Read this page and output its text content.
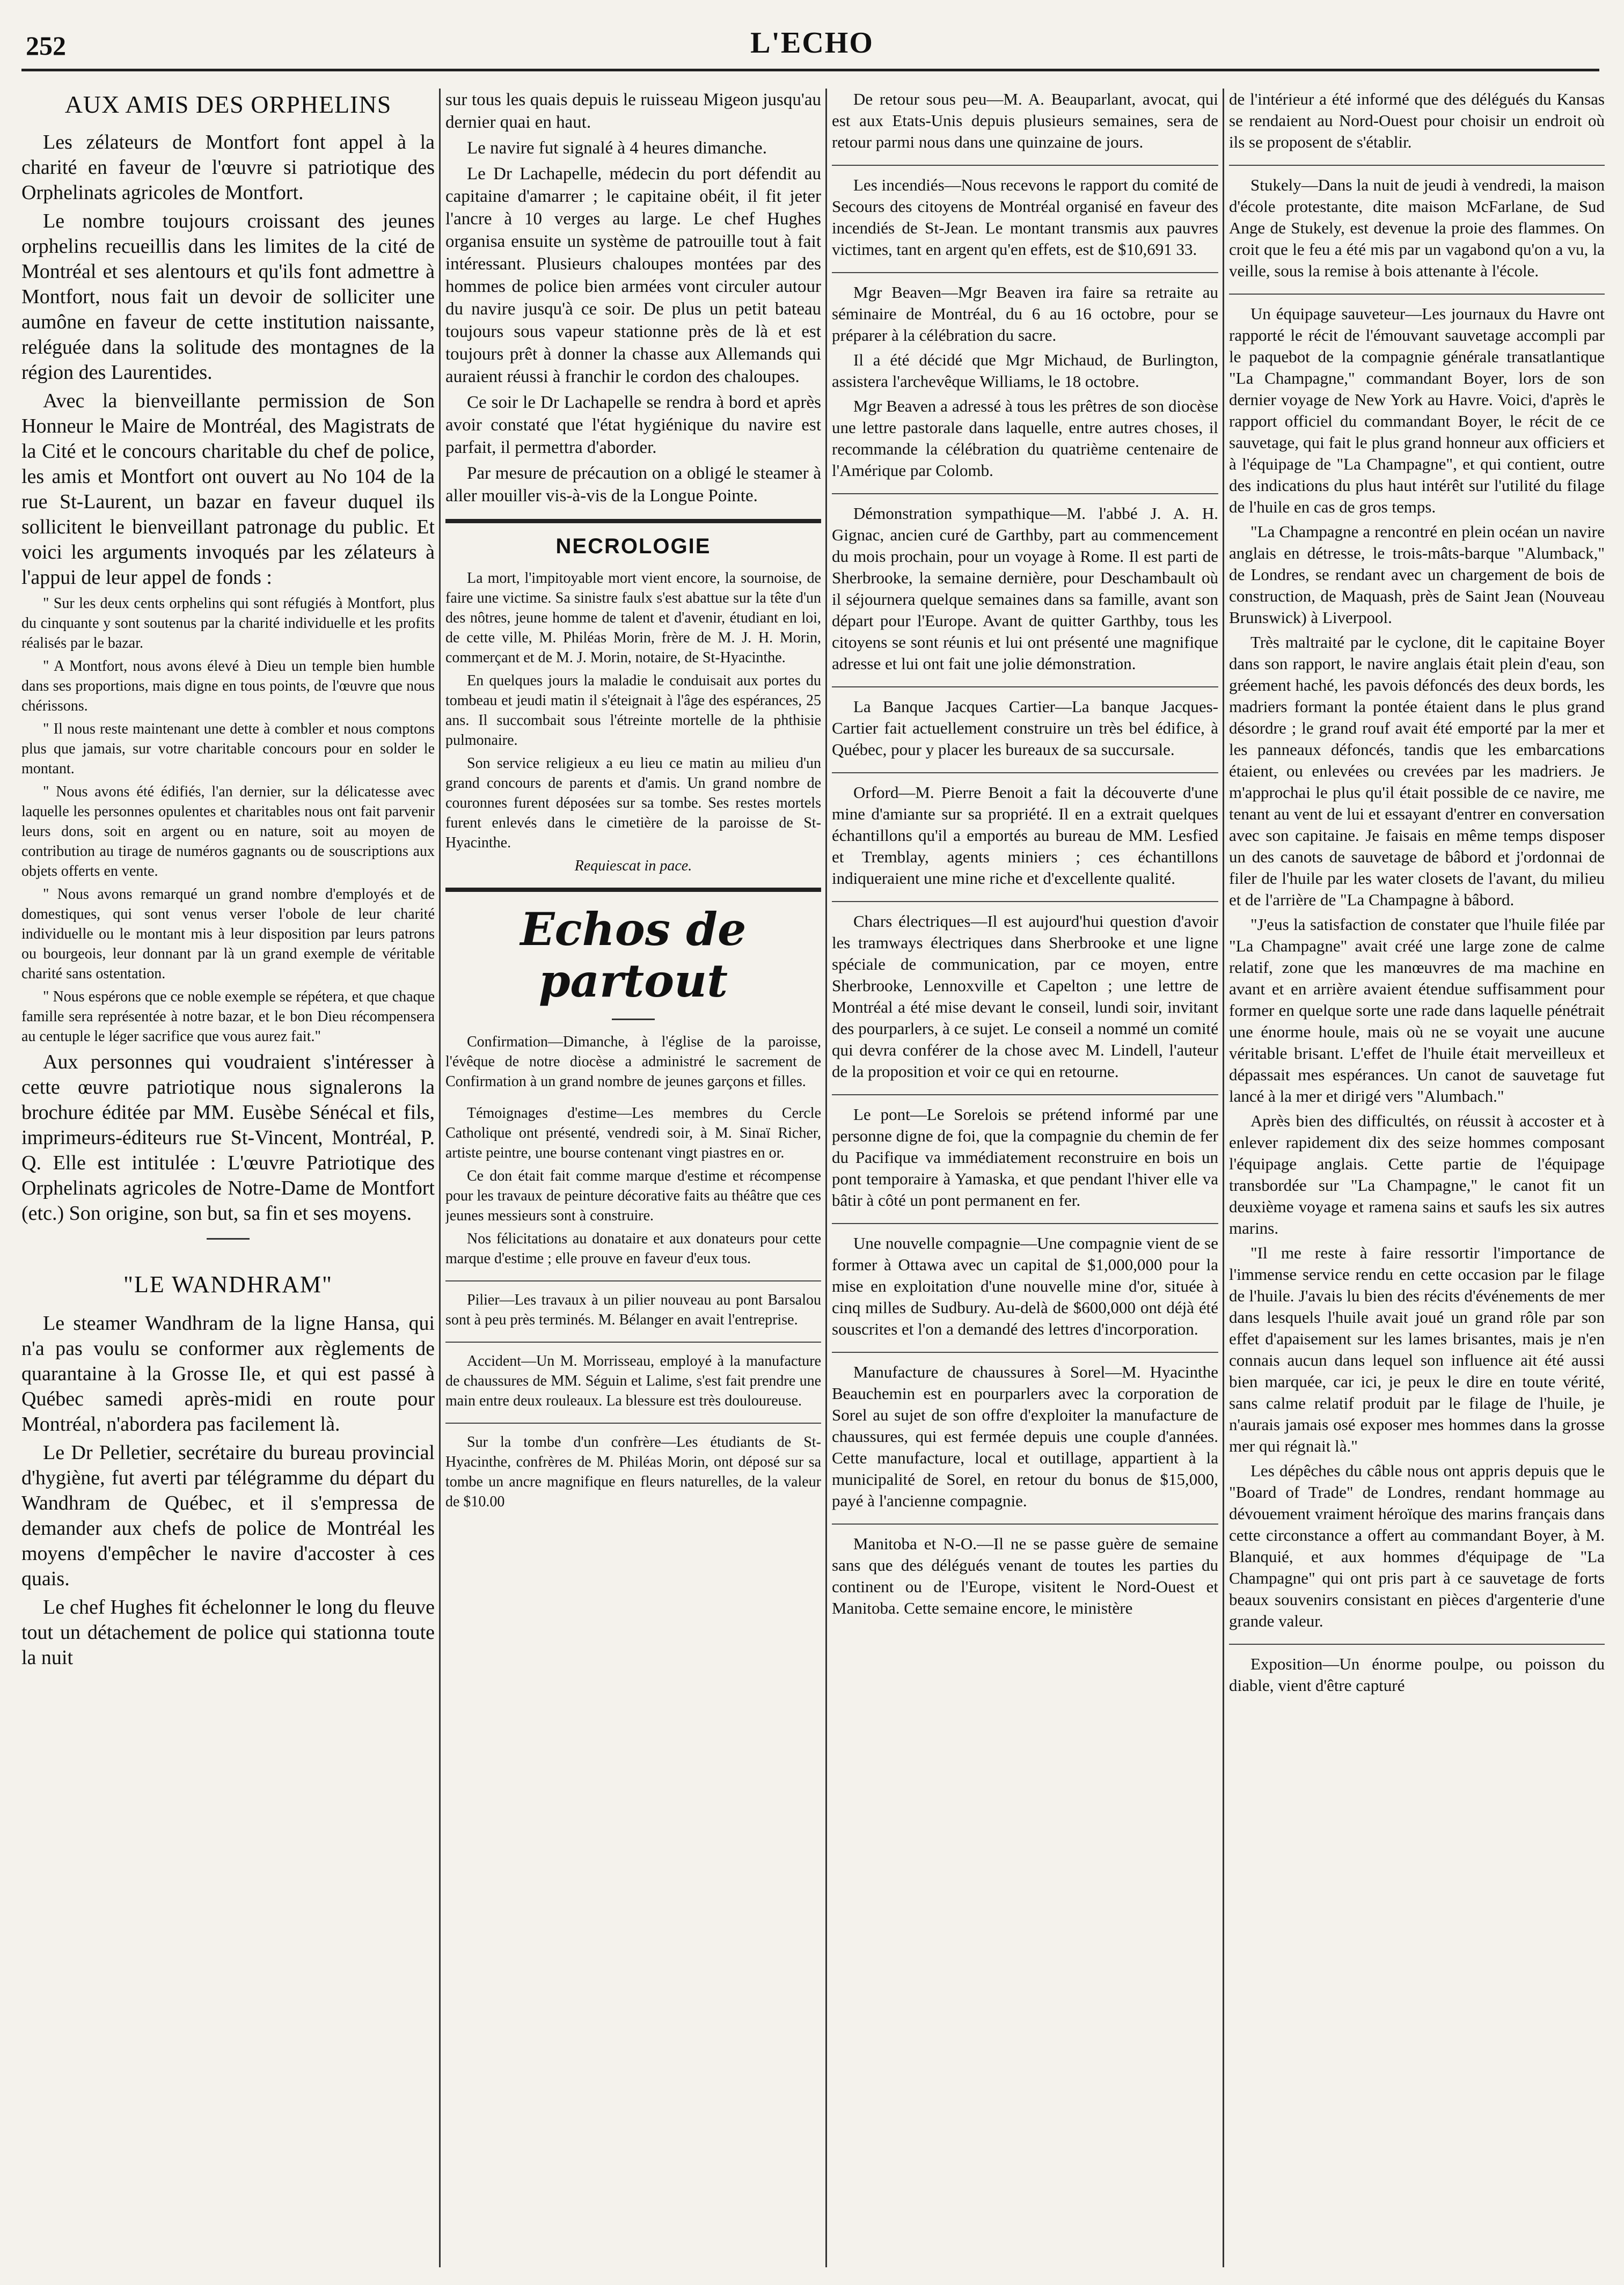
252	L'ECHO
AUX AMIS DES ORPHELINS

Les zélateurs de Montfort font appel à la charité en faveur de l'œuvre si patriotique des Orphelinats agricoles de Montfort.

Le nombre toujours croissant des jeunes orphelins recueillis dans les limites de la cité de Montréal et ses alentours et qu'ils font admettre à Montfort, nous fait un devoir de solliciter une aumône en faveur de cette institution naissante, reléguée dans la solitude des montagnes de la région des Laurentides.

Avec la bienveillante permission de Son Honneur le Maire de Montréal, des Magistrats de la Cité et le concours charitable du chef de police, les amis et Montfort ont ouvert au No 104 de la rue St-Laurent, un bazar en faveur duquel ils sollicitent le bienveillant patronage du public. Et voici les arguments invoqués par les zélateurs à l'appui de leur appel de fonds :

" Sur les deux cents orphelins qui sont réfugiés à Montfort, plus du cinquante y sont soutenus par la charité individuelle et les profits réalisés par le bazar.

" A Montfort, nous avons élevé à Dieu un temple bien humble dans ses proportions, mais digne en tous points, de l'œuvre que nous chérissons.

" Il nous reste maintenant une dette à combler et nous comptons plus que jamais, sur votre charitable concours pour en solder le montant.

" Nous avons été édifiés, l'an dernier, sur la délicatesse avec laquelle les personnes opulentes et charitables nous ont fait parvenir leurs dons, soit en argent ou en nature, soit au moyen de contribution au tirage de numéros gagnants ou de souscriptions aux objets offerts en vente.

" Nous avons remarqué un grand nombre d'employés et de domestiques, qui sont venus verser l'obole de leur charité individuelle ou le montant mis à leur disposition par leurs patrons ou bourgeois, leur donnant par là un grand exemple de véritable charité sans ostentation.

" Nous espérons que ce noble exemple se répétera, et que chaque famille sera représentée à notre bazar, et le bon Dieu récompensera au centuple le léger sacrifice que vous aurez fait."

Aux personnes qui voudraient s'intéresser à cette œuvre patriotique nous signalerons la brochure éditée par MM. Eusèbe Sénécal et fils, imprimeurs-éditeurs rue St-Vincent, Montréal, P. Q. Elle est intitulée : L'œuvre Patriotique des Orphelinats agricoles de Notre-Dame de Montfort (etc.) Son origine, son but, sa fin et ses moyens.

"LE WANDHRAM"

Le steamer Wandhram de la ligne Hansa, qui n'a pas voulu se conformer aux règlements de quarantaine à la Grosse Ile, et qui est passé à Québec samedi après-midi en route pour Montréal, n'abordera pas facilement là.

Le Dr Pelletier, secrétaire du bureau provincial d'hygiène, fut averti par télégramme du départ du Wandhram de Québec, et il s'empressa de demander aux chefs de police de Montréal les moyens d'empêcher le navire d'accoster à ces quais.

Le chef Hughes fit échelonner le long du fleuve tout un détachement de police qui stationna toute la nuit

sur tous les quais depuis le ruisseau Migeon jusqu'au dernier quai en haut.

Le navire fut signalé à 4 heures dimanche.

Le Dr Lachapelle, médecin du port défendit au capitaine d'amarrer ; le capitaine obéit, il fit jeter l'ancre à 10 verges au large. Le chef Hughes organisa ensuite un système de patrouille tout à fait intéressant. Plusieurs chaloupes montées par des hommes de police bien armées vont circuler autour du navire jusqu'à ce soir. De plus un petit bateau toujours sous vapeur stationne près de là et est toujours prêt à donner la chasse aux Allemands qui auraient réussi à franchir le cordon des chaloupes.

Ce soir le Dr Lachapelle se rendra à bord et après avoir constaté que l'état hygiénique du navire est parfait, il permettra d'aborder.

Par mesure de précaution on a obligé le steamer à aller mouiller vis-à-vis de la Longue Pointe.

NECROLOGIE

La mort, l'impitoyable mort vient encore, la sournoise, de faire une victime. Sa sinistre faulx s'est abattue sur la tête d'un des nôtres, jeune homme de talent et d'avenir, étudiant en loi, de cette ville, M. Philéas Morin, frère de M. J. H. Morin, commerçant et de M. J. Morin, notaire, de St-Hyacinthe.

En quelques jours la maladie le conduisait aux portes du tombeau et jeudi matin il s'éteignait à l'âge des espérances, 25 ans. Il succombait sous l'étreinte mortelle de la phthisie pulmonaire.

Son service religieux a eu lieu ce matin au milieu d'un grand concours de parents et d'amis. Un grand nombre de couronnes furent déposées sur sa tombe. Ses restes mortels furent enlevés dans le cimetière de la paroisse de St-Hyacinthe.

Requiescat in pace.

Echos de partout

Confirmation—Dimanche, à l'église de la paroisse, l'évêque de notre diocèse a administré le sacrement de Confirmation à un grand nombre de jeunes garçons et filles.

Témoignages d'estime—Les membres du Cercle Catholique ont présenté, vendredi soir, à M. Sinaï Richer, artiste peintre, une bourse contenant vingt piastres en or.

Ce don était fait comme marque d'estime et récompense pour les travaux de peinture décorative faits au théâtre que ces jeunes messieurs sont à construire.

Nos félicitations au donataire et aux donateurs pour cette marque d'estime ; elle prouve en faveur d'eux tous.

Pilier—Les travaux à un pilier nouveau au pont Barsalou sont à peu près terminés. M. Bélanger en avait l'entreprise.

Accident—Un M. Morrisseau, employé à la manufacture de chaussures de MM. Séguin et Lalime, s'est fait prendre une main entre deux rouleaux. La blessure est très douloureuse.

Sur la tombe d'un confrère—Les étudiants de St-Hyacinthe, confrères de M. Philéas Morin, ont déposé sur sa tombe un ancre magnifique en fleurs naturelles, de la valeur de $10.00

De retour sous peu—M. A. Beauparlant, avocat, qui est aux Etats-Unis depuis plusieurs semaines, sera de retour parmi nous dans une quinzaine de jours.

Les incendiés—Nous recevons le rapport du comité de Secours des citoyens de Montréal organisé en faveur des incendiés de St-Jean. Le montant transmis aux pauvres victimes, tant en argent qu'en effets, est de $10,691 33.

Mgr Beaven—Mgr Beaven ira faire sa retraite au séminaire de Montréal, du 6 au 16 octobre, pour se préparer à la célébration du sacre.

Il a été décidé que Mgr Michaud, de Burlington, assistera l'archevêque Williams, le 18 octobre.

Mgr Beaven a adressé à tous les prêtres de son diocèse une lettre pastorale dans laquelle, entre autres choses, il recommande la célébration du quatrième centenaire de l'Amérique par Colomb.

Démonstration sympathique—M. l'abbé J. A. H. Gignac, ancien curé de Garthby, part au commencement du mois prochain, pour un voyage à Rome. Il est parti de Sherbrooke, la semaine dernière, pour Deschambault où il séjournera quelque semaines dans sa famille, avant son départ pour l'Europe. Avant de quitter Garthby, tous les citoyens se sont réunis et lui ont présenté une magnifique adresse et lui ont fait une jolie démonstration.

La Banque Jacques Cartier—La banque Jacques-Cartier fait actuellement construire un très bel édifice, à Québec, pour y placer les bureaux de sa succursale.

Orford—M. Pierre Benoit a fait la découverte d'une mine d'amiante sur sa propriété. Il en a extrait quelques échantillons qu'il a emportés au bureau de MM. Lesfied et Tremblay, agents miniers ; ces échantillons indiqueraient une mine riche et d'excellente qualité.

Chars électriques—Il est aujourd'hui question d'avoir les tramways électriques dans Sherbrooke et une ligne spéciale de communication, par ce moyen, entre Sherbrooke, Lennoxville et Capelton ; une lettre de Montréal a été mise devant le conseil, lundi soir, invitant des pourparlers, à ce sujet. Le conseil a nommé un comité qui devra conférer de la chose avec M. Lindell, l'auteur de la proposition et voir ce qui en retourne.

Le pont—Le Sorelois se prétend informé par une personne digne de foi, que la compagnie du chemin de fer du Pacifique va immédiatement reconstruire en bois un pont temporaire à Yamaska, et que pendant l'hiver elle va bâtir à côté un pont permanent en fer.

Une nouvelle compagnie—Une compagnie vient de se former à Ottawa avec un capital de $1,000,000 pour la mise en exploitation d'une nouvelle mine d'or, située à cinq milles de Sudbury. Au-delà de $600,000 ont déjà été souscrites et l'on a demandé des lettres d'incorporation.

Manufacture de chaussures à Sorel—M. Hyacinthe Beauchemin est en pourparlers avec la corporation de Sorel au sujet de son offre d'exploiter la manufacture de chaussures, qui est fermée depuis une couple d'années. Cette manufacture, local et outillage, appartient à la municipalité de Sorel, en retour du bonus de $15,000, payé à l'ancienne compagnie.

Manitoba et N-O.—Il ne se passe guère de semaine sans que des délégués venant de toutes les parties du continent ou de l'Europe, visitent le Nord-Ouest et Manitoba. Cette semaine encore, le ministère

de l'intérieur a été informé que des délégués du Kansas se rendaient au Nord-Ouest pour choisir un endroit où ils se proposent de s'établir.

Stukely—Dans la nuit de jeudi à vendredi, la maison d'école protestante, dite maison McFarlane, de Sud Ange de Stukely, est devenue la proie des flammes. On croit que le feu a été mis par un vagabond qu'on a vu, la veille, sous la remise à bois attenante à l'école.

Un équipage sauveteur—Les journaux du Havre ont rapporté le récit de l'émouvant sauvetage accompli par le paquebot de la compagnie générale transatlantique "La Champagne," commandant Boyer, lors de son dernier voyage de New York au Havre. Voici, d'après le rapport officiel du commandant Boyer, le récit de ce sauvetage, qui fait le plus grand honneur aux officiers et à l'équipage de "La Champagne", et qui contient, outre des indications du plus haut intérêt sur l'utilité du filage de l'huile en cas de gros temps.

"La Champagne a rencontré en plein océan un navire anglais en détresse, le trois-mâts-barque "Alumback," de Londres, se rendant avec un chargement de bois de construction, de Maquash, près de Saint Jean (Nouveau Brunswick) à Liverpool.

Très maltraité par le cyclone, dit le capitaine Boyer dans son rapport, le navire anglais était plein d'eau, son gréement haché, les pavois défoncés des deux bords, les madriers formant la pontée étaient dans le plus grand désordre ; le grand rouf avait été emporté par la mer et les panneaux défoncés, tandis que les embarcations étaient, ou enlevées ou crevées par les madriers. Je m'approchai le plus qu'il était possible de ce navire, me tenant au vent de lui et essayant d'entrer en conversation avec son capitaine. Je faisais en même temps disposer un des canots de sauvetage de bâbord et j'ordonnai de filer de l'huile par les water closets de l'avant, du milieu et de l'arrière de "La Champagne à bâbord.

"J'eus la satisfaction de constater que l'huile filée par "La Champagne" avait créé une large zone de calme relatif, zone que les manœuvres de ma machine en avant et en arrière avaient étendue suffisamment pour former en quelque sorte une rade dans laquelle pénétrait une énorme houle, mais où ne se voyait une aucune véritable brisant. L'effet de l'huile était merveilleux et dépassait mes espérances. Un canot de sauvetage fut lancé à la mer et dirigé vers "Alumbach."

Après bien des difficultés, on réussit à accoster et à enlever rapidement dix des seize hommes composant l'équipage anglais. Cette partie de l'équipage transbordée sur "La Champagne," le canot fit un deuxième voyage et ramena sains et saufs les six autres marins.

"Il me reste à faire ressortir l'importance de l'immense service rendu en cette occasion par le filage de l'huile. J'avais lu bien des récits d'événements de mer dans lesquels l'huile avait joué un grand rôle par son effet d'apaisement sur les lames brisantes, mais je n'en connais aucun dans lequel son influence ait été aussi bien marquée, car ici, je peux le dire en toute vérité, sans calme relatif produit par le filage de l'huile, je n'aurais jamais osé exposer mes hommes dans la grosse mer qui régnait là."

Les dépêches du câble nous ont appris depuis que le "Board of Trade" de Londres, rendant hommage au dévouement vraiment héroïque des marins français dans cette circonstance a offert au commandant Boyer, à M. Blanquié, et aux hommes d'équipage de "La Champagne" qui ont pris part à ce sauvetage de forts beaux souvenirs consistant en pièces d'argenterie d'une grande valeur.

Exposition—Un énorme poulpe, ou poisson du diable, vient d'être capturé
